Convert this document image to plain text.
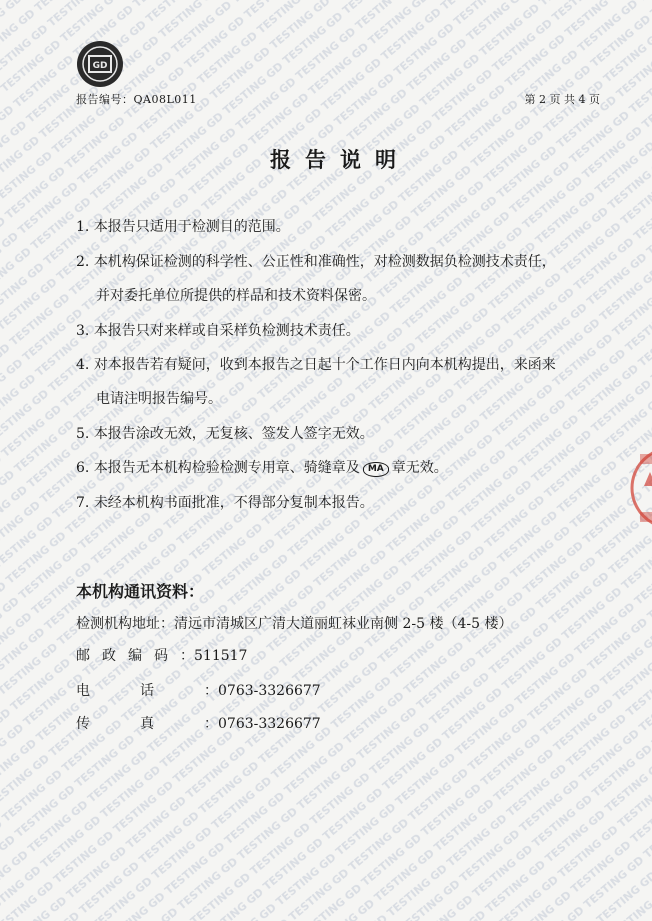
GD
报告编号：QA08L011	第 2 页 共 4 页
报告说明
1. 本报告只适用于检测目的范围。
2. 本机构保证检测的科学性、公正性和准确性，对检测数据负检测技术责任，
并对委托单位所提供的样品和技术资料保密。
3. 本报告只对来样或自采样负检测技术责任。
4. 对本报告若有疑问，收到本报告之日起十个工作日内向本机构提出，来函来
电请注明报告编号。
5. 本报告涂改无效，无复核、签发人签字无效。
6. 本报告无本机构检验检测专用章、骑缝章及 MA 章无效。
7. 未经本机构书面批准，不得部分复制本报告。
本机构通讯资料：
检测机构地址：清远市清城区广清大道丽虹袜业南侧 2-5 楼（4-5 楼）
邮政编码：511517
电话：0763-3326677
传真：0763-3326677
